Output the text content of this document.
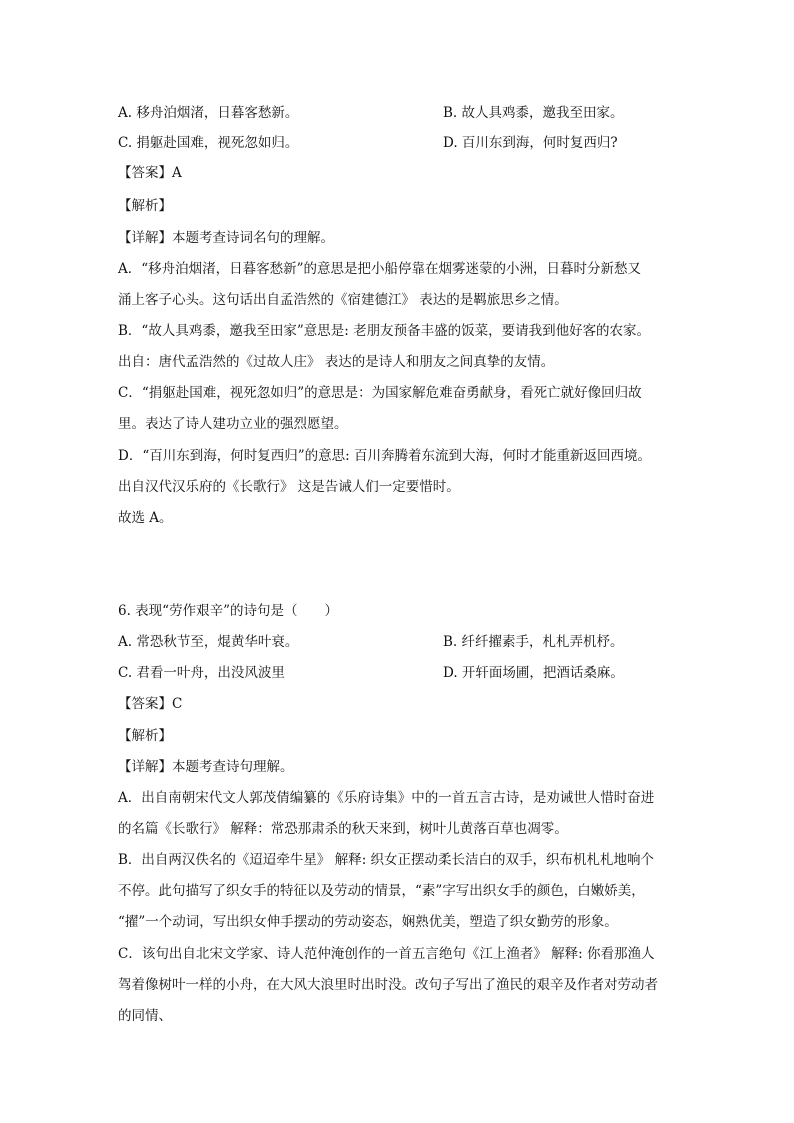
A. 移舟泊烟渚，日暮客愁新。	B. 故人具鸡黍，邀我至田家。
C. 捐躯赴国难，视死忽如归。	D. 百川东到海，何时复西归?
【答案】A
【解析】
【详解】本题考查诗词名句的理解。
A．“移舟泊烟渚，日暮客愁新”的意思是把小船停靠在烟雾迷蒙的小洲，日暮时分新愁又
涌上客子心头。这句话出自孟浩然的《宿建德江》 表达的是羁旅思乡之情。
B．“故人具鸡黍，邀我至田家”意思是: 老朋友预备丰盛的饭菜，要请我到他好客的农家。
出自：唐代孟浩然的《过故人庄》 表达的是诗人和朋友之间真挚的友情。
C．“捐躯赴国难，视死忽如归”的意思是：为国家解危难奋勇献身，看死亡就好像回归故
里。表达了诗人建功立业的强烈愿望。
D．“百川东到海，何时复西归”的意思: 百川奔腾着东流到大海，何时才能重新返回西境。
出自汉代汉乐府的《长歌行》 这是告诫人们一定要惜时。
故选 A。
6. 表现“劳作艰辛”的诗句是（　　）
A. 常恐秋节至，焜黄华叶衰。	B. 纤纤擢素手，札札弄机杼。
C. 君看一叶舟，出没风波里	D. 开轩面场圃，把酒话桑麻。
【答案】C
【解析】
【详解】本题考查诗句理解。
A．出自南朝宋代文人郭茂倩编纂的《乐府诗集》中的一首五言古诗，是劝诫世人惜时奋进
的名篇《长歌行》 解释：常恐那肃杀的秋天来到，树叶儿黄落百草也凋零。
B．出自两汉佚名的《迢迢牵牛星》 解释: 织女正摆动柔长洁白的双手，织布机札札地响个
不停。此句描写了织女手的特征以及劳动的情景，“素”字写出织女手的颜色，白嫩娇美，
“擢”一个动词，写出织女伸手摆动的劳动姿态，娴熟优美，塑造了织女勤劳的形象。
C．该句出自北宋文学家、诗人范仲淹创作的一首五言绝句《江上渔者》 解释: 你看那渔人
驾着像树叶一样的小舟，在大风大浪里时出时没。改句子写出了渔民的艰辛及作者对劳动者
的同情、
